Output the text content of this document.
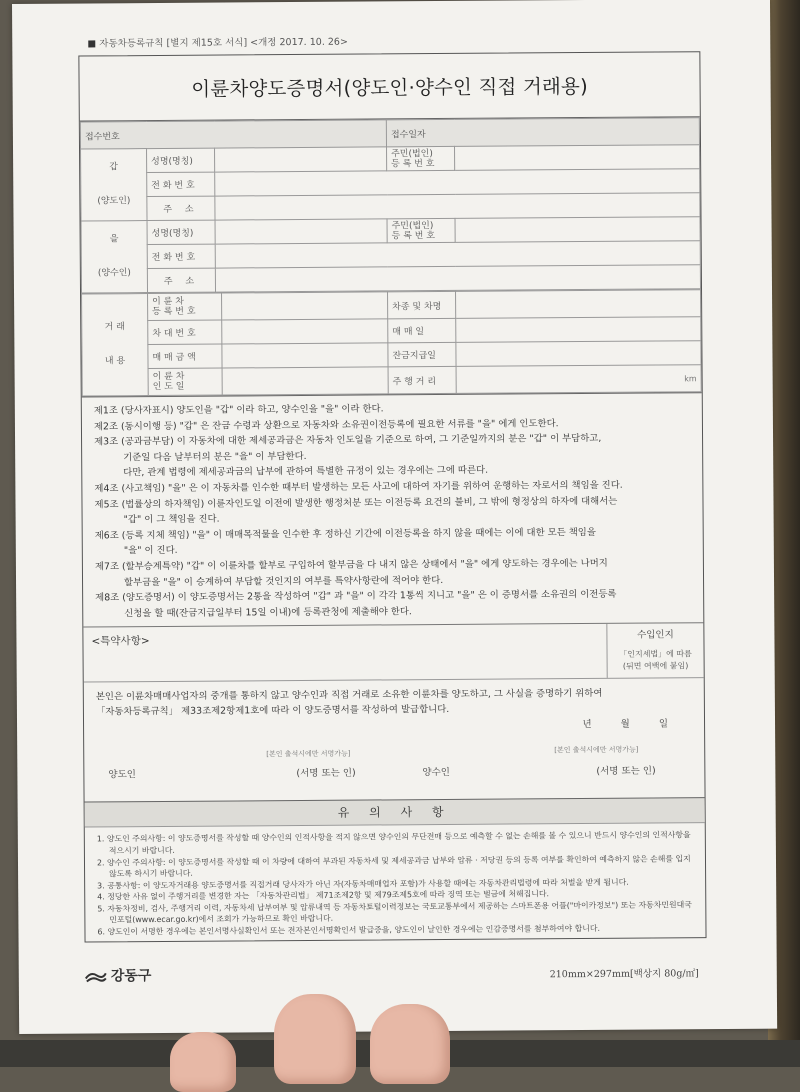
자동차등록규칙 [별지 제15호 서식] <개정 2017. 10. 26>
이륜차양도증명서(양도인·양수인 직접 거래용)
접수번호			접수일자	
갑

(양도인)	성명(명칭)		주민(법인)
등 록 번 호	
	전 화 번 호			
	주 소			
을

(양수인)	성명(명칭)		주민(법인)
등 록 번 호	
	전 화 번 호			
	주 소			
거 래

내 용	이 륜 차
등 록 번 호		차종 및 차명	
	차 대 번 호		매 매 일	
	매 매 금 액		잔금지급일	
	이 륜 차
인 도 일		주 행 거 리	km
제1조 (당사자표시) 양도인을 "갑" 이라 하고, 양수인을 "을" 이라 한다.
제2조 (동시이행 등) "갑" 은 잔금 수령과 상환으로 자동차와 소유권이전등록에 필요한 서류를 "을" 에게 인도한다.
제3조 (공과금부담) 이 자동차에 대한 제세공과금은 자동차 인도일을 기준으로 하여, 그 기준일까지의 분은 "갑" 이 부담하고,
기준일 다음 날부터의 분은 "을" 이 부담한다.
다만, 관계 법령에 제세공과금의 납부에 관하여 특별한 규정이 있는 경우에는 그에 따른다.
제4조 (사고책임) "을" 은 이 자동차를 인수한 때부터 발생하는 모든 사고에 대하여 자기를 위하여 운행하는 자로서의 책임을 진다.
제5조 (법률상의 하자책임) 이륜자인도일 이전에 발생한 행정처분 또는 이전등록 요건의 불비, 그 밖에 형정상의 하자에 대해서는
"갑" 이 그 책임을 진다.
제6조 (등록 지체 책임) "을" 이 매매목적물을 인수한 후 정하신 기간에 이전등록을 하지 않을 때에는 이에 대한 모든 책임을
"을" 이 진다.
제7조 (할부승계특약) "갑" 이 이륜차를 할부로 구입하여 할부금을 다 내지 않은 상태에서 "을" 에게 양도하는 경우에는 나머지
할부금을 "을" 이 승계하여 부담할 것인지의 여부를 특약사항란에 적어야 한다.
제8조 (양도증명서) 이 양도증명서는 2통을 작성하여 "갑" 과 "을" 이 각각 1통씩 지니고 "을" 은 이 증명서를 소유권의 이전등록
신청을 할 때(잔금지급일부터 15일 이내)에 등록관청에 제출해야 한다.
<특약사항>
수입인지
「인지세법」에 따름
(뒤면 여백에 붙임)

본인은 이륜차매매사업자의 중개를 통하지 않고 양수인과 직접 거래로 소유한 이륜차를 양도하고, 그 사실을 증명하기 위하여

「자동차등록규칙」 제33조제2항제1호에 따라 이 양도증명서를 작성하여 발급합니다.

년 월 일
[본인 출석시에만 서명가능]	[본인 출석시에만 서명가능]
양도인	(서명 또는 인)	양수인	(서명 또는 인)
유 의 사 항
1. 양도인 주의사항: 이 양도증명서를 작성할 때 양수인의 인적사항을 적지 않으면 양수인의 무단전매 등으로 예측할 수 없는 손해를 볼 수 있으니 반드시 양수인의 인적사항을 적으시기 바랍니다.
2. 양수인 주의사항: 이 양도증명서를 작성할 때 이 차량에 대하여 부과된 자동차세 및 제세공과금 납부와 압류 · 저당권 등의 등록 여부를 확인하여 예측하지 않은 손해를 입지 않도록 하시기 바랍니다.
3. 공통사항: 이 양도자거래용 양도증명서를 직접거래 당사자가 아닌 자(자동차매매업자 포함)가 사용할 때에는 자동차관리법령에 따라 처벌을 받게 됩니다.
4. 정당한 사유 없이 주행거리를 변경한 자는 「자동차관리법」 제71조제2항 및 제79조제5호에 따라 징역 또는 벌금에 처해집니다.
5. 자동차정비, 검사, 주행거리 이력, 자동차세 납부여부 및 압류내역 등 자동차토털이력정보는 국토교통부에서 제공하는 스마트폰용 어플("마이카정보") 또는 자동차민원대국민포털(www.ecar.go.kr)에서 조회가 가능하므로 확인 바랍니다.
6. 양도인이 서명한 경우에는 본인서명사실확인서 또는 전자본인서명확인서 발급증을, 양도인이 날인한 경우에는 인감증명서를 첨부하여야 합니다.
강동구	210mm×297mm[백상지 80g/㎡]
